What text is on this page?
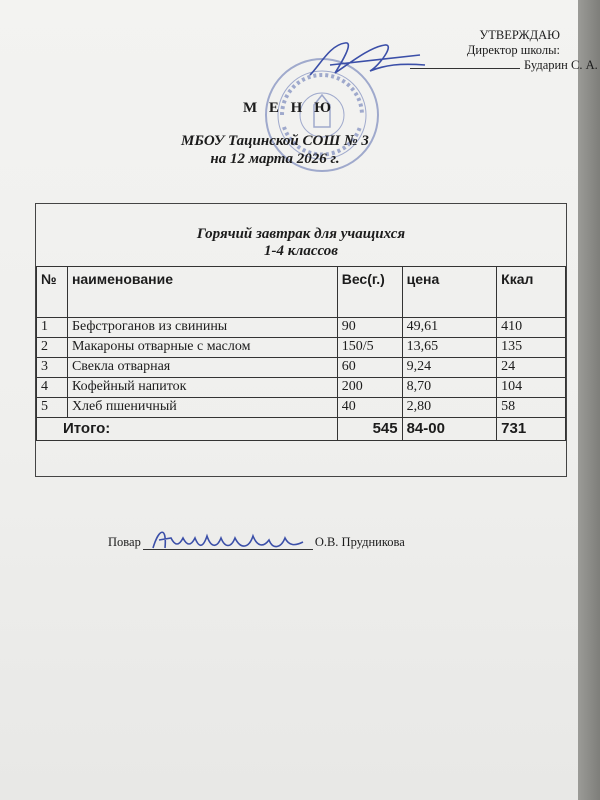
УТВЕРЖДАЮ
Директор школы:
Бударин С. А.
М Е Н Ю
МБОУ Тацинской СОШ № 3
на 12 марта 2026 г.
Горячий завтрак для учащихся
1-4 классов
№	наименование	Вес(г.)	цена	Ккал
1	Бефстроганов из свинины	90	49,61	410
2	Макароны отварные с маслом	150/5	13,65	135
3	Свекла отварная	60	9,24	24
4	Кофейный напиток	200	8,70	104
5	Хлеб пшеничный	40	2,80	58
Итого:		545	84-00	731
Повар	О.В. Прудникова
